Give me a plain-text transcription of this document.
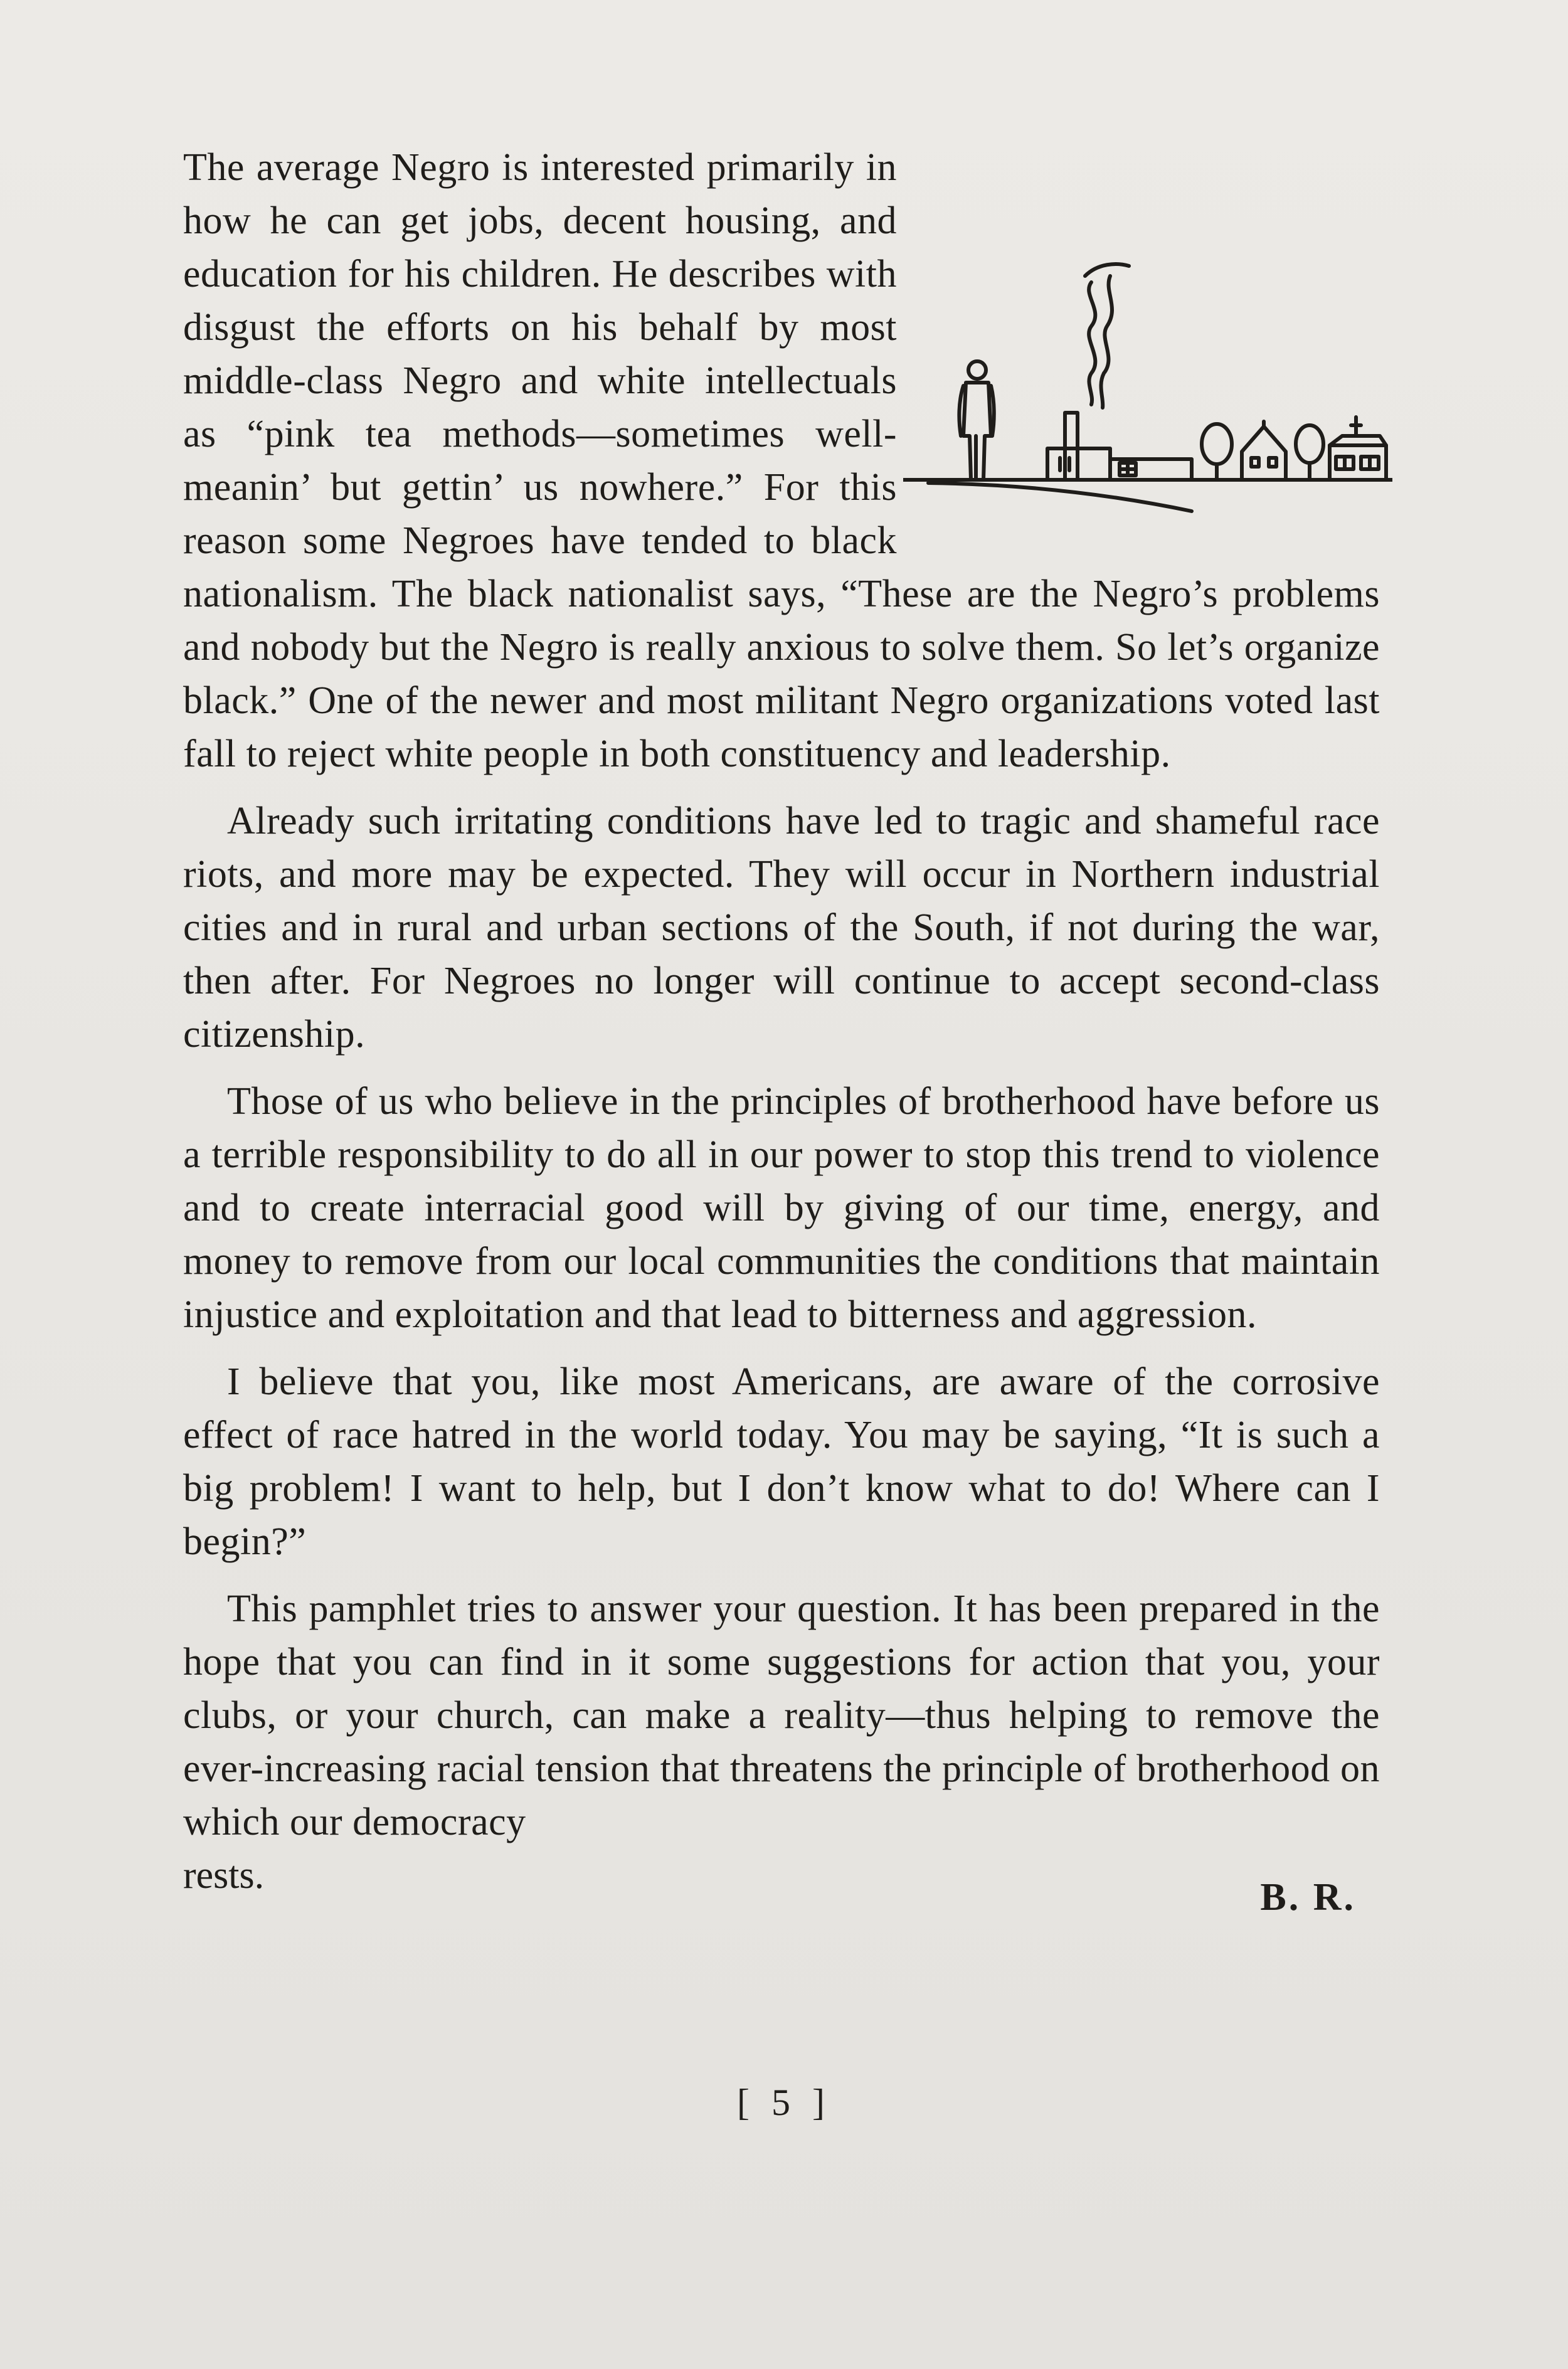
The average Negro is interested primarily in how he can get jobs, decent housing, and education for his children. He describes with disgust the efforts on his behalf by most middle-class Negro and white intellectuals as “pink tea methods—sometimes well-meanin’ but gettin’ us nowhere.” For this reason some Negroes have tended to black nationalism. The black nationalist says, “These are the Negro’s problems and nobody but the Negro is really anxious to solve them. So let’s organize black.” One of the newer and most militant Negro organizations voted last fall to reject white people in both constituency and leadership.

Already such irritating conditions have led to tragic and shameful race riots, and more may be expected. They will occur in Northern industrial cities and in rural and urban sections of the South, if not during the war, then after. For Negroes no longer will continue to accept second-class citizenship.

Those of us who believe in the principles of brotherhood have before us a terrible responsibility to do all in our power to stop this trend to violence and to create interracial good will by giving of our time, energy, and money to remove from our local communities the conditions that maintain injustice and exploitation and that lead to bitterness and aggression.

I believe that you, like most Americans, are aware of the corrosive effect of race hatred in the world today. You may be saying, “It is such a big problem! I want to help, but I don’t know what to do! Where can I begin?”

This pamphlet tries to answer your question. It has been prepared in the hope that you can find in it some suggestions for action that you, your clubs, or your church, can make a reality—thus helping to remove the ever-increasing racial tension that threatens the principle of brotherhood on which our democracy

rests.
B. R.
[ 5 ]
